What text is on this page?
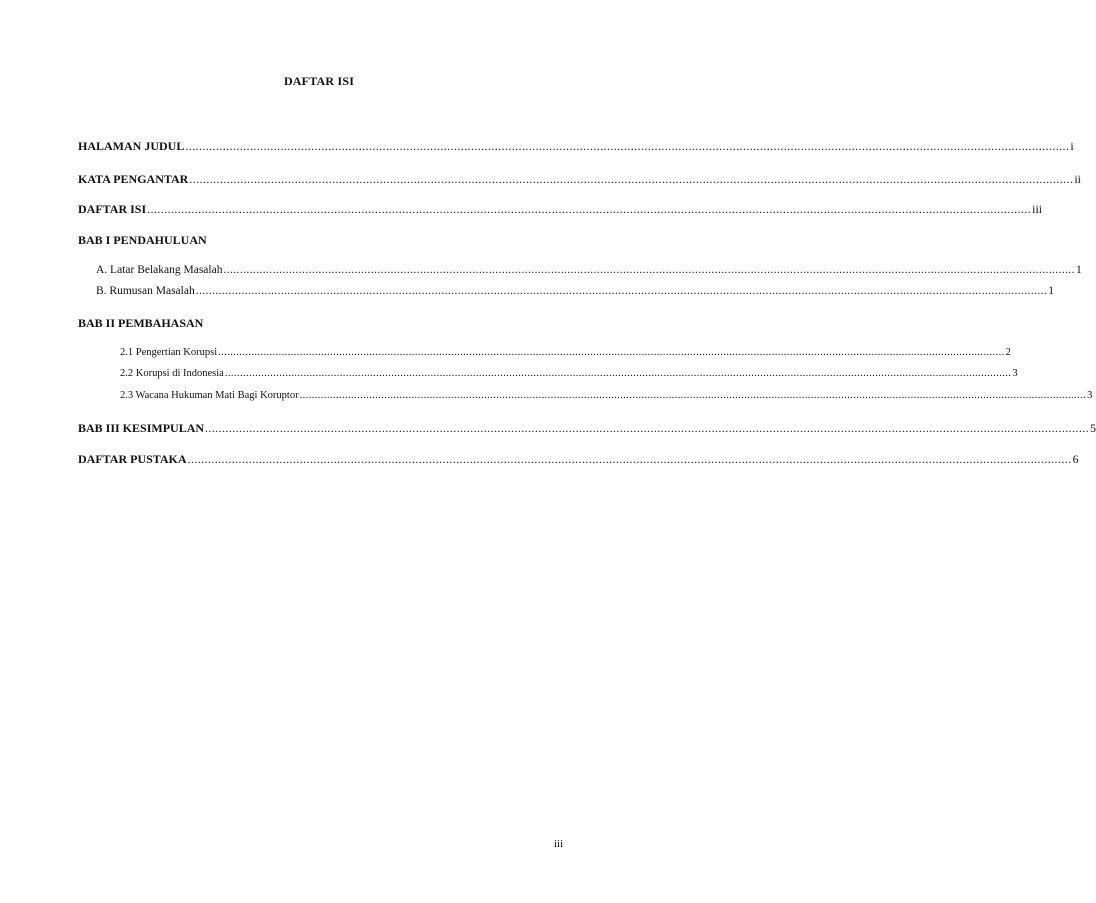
DAFTAR ISI
HALAMAN JUDUL .................................................................................................................................................................................................................................................................... i
KATA PENGANTAR .................................................................................................................................................................................................................................................................... ii
DAFTAR ISI .................................................................................................................................................................................................................................................................... iii
BAB I PENDAHULUAN
A. Latar Belakang Masalah .................................................................................................................................................................................................................................................................... 1
B. Rumusan Masalah .................................................................................................................................................................................................................................................................... 1
BAB II PEMBAHASAN
2.1 Pengertian Korupsi .................................................................................................................................................................................................................................................................... 2
2.2 Korupsi di Indonesia .................................................................................................................................................................................................................................................................... 3
2.3 Wacana Hukuman Mati Bagi Koruptor .................................................................................................................................................................................................................................................................... 3
BAB III KESIMPULAN .................................................................................................................................................................................................................................................................... 5
DAFTAR PUSTAKA .................................................................................................................................................................................................................................................................... 6
iii
